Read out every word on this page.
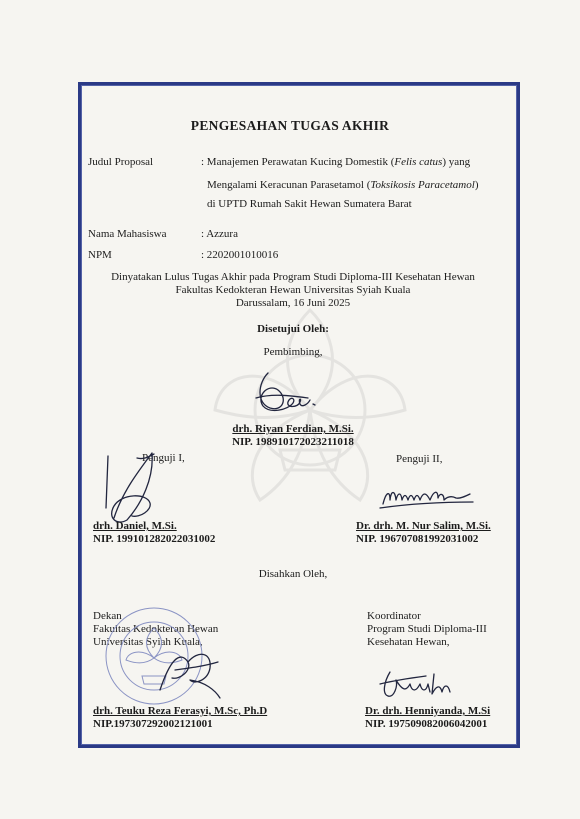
PENGESAHAN TUGAS AKHIR
Judul Proposal	: Manajemen Perawatan Kucing Domestik (Felis catus) yang
Mengalami Keracunan Parasetamol (Toksikosis Paracetamol)
di UPTD Rumah Sakit Hewan Sumatera Barat
Nama Mahasiswa	: Azzura
NPM	: 2202001010016
Dinyatakan Lulus Tugas Akhir pada Program Studi Diploma-III Kesehatan Hewan
Fakultas Kedokteran Hewan Universitas Syiah Kuala
Darussalam, 16 Juni 2025
Disetujui Oleh:
Pembimbing,
drh. Riyan Ferdian, M.Si.
NIP. 198910172023211018
Penguji I,	Penguji II,
drh. Daniel, M.Si.
NIP. 199101282022031002
Dr. drh. M. Nur Salim, M.Si.
NIP. 196707081992031002
Disahkan Oleh,
Dekan
Fakultas Kedokteran Hewan
Universitas Syiah Kuala,
Koordinator
Program Studi Diploma-III
Kesehatan Hewan,
drh. Teuku Reza Ferasyi, M.Sc, Ph.D
NIP.197307292002121001
Dr. drh. Henniyanda, M.Si
NIP. 197509082006042001
